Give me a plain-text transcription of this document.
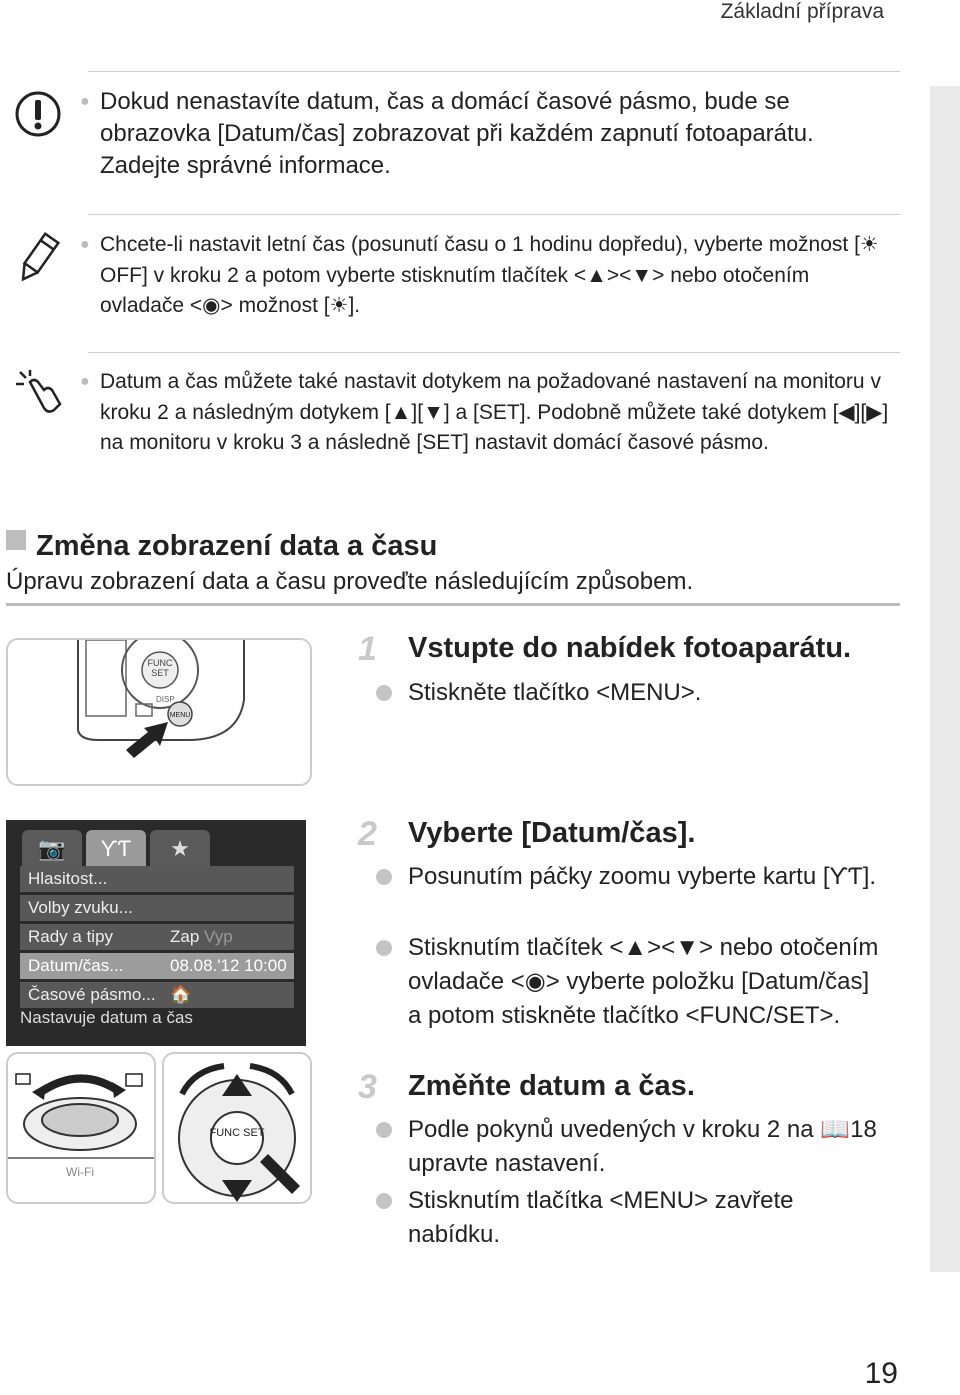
Základní příprava
● Dokud nenastavíte datum, čas a domácí časové pásmo, bude se obrazovka [Datum/čas] zobrazovat při každém zapnutí fotoaparátu. Zadejte správné informace.
● Chcete-li nastavit letní čas (posunutí času o 1 hodinu dopředu), vyberte možnost [☀OFF] v kroku 2 a potom vyberte stisknutím tlačítek <▲><▼> nebo otočením ovladače <◉> možnost [☀].
● Datum a čas můžete také nastavit dotykem na požadované nastavení na monitoru v kroku 2 a následným dotykem [▲][▼] a [SET]. Podobně můžete také dotykem [◀][▶] na monitoru v kroku 3 a následně [SET] nastavit domácí časové pásmo.
Změna zobrazení data a času
Úpravu zobrazení data a času proveďte následujícím způsobem.
FUNC
SET
DISP
MENU
📷	ƳƬ	★
Hlasitost...
Volby zvuku...
Rady a tipy	Zap Vyp
Datum/čas...	08.08.'12 10:00
Časové pásmo... 🏠
Nastavuje datum a čas
Wi-Fi
FUNC SET
1 Vstupte do nabídek fotoaparátu.
Stiskněte tlačítko <MENU>.
2 Vyberte [Datum/čas].
Posunutím páčky zoomu vyberte kartu [ƳƬ].
Stisknutím tlačítek <▲><▼> nebo otočením ovladače <◉> vyberte položku [Datum/čas] a potom stiskněte tlačítko <FUNC/SET>.
3 Změňte datum a čas.
Podle pokynů uvedených v kroku 2 na 📖18 upravte nastavení.
Stisknutím tlačítka <MENU> zavřete nabídku.
19
